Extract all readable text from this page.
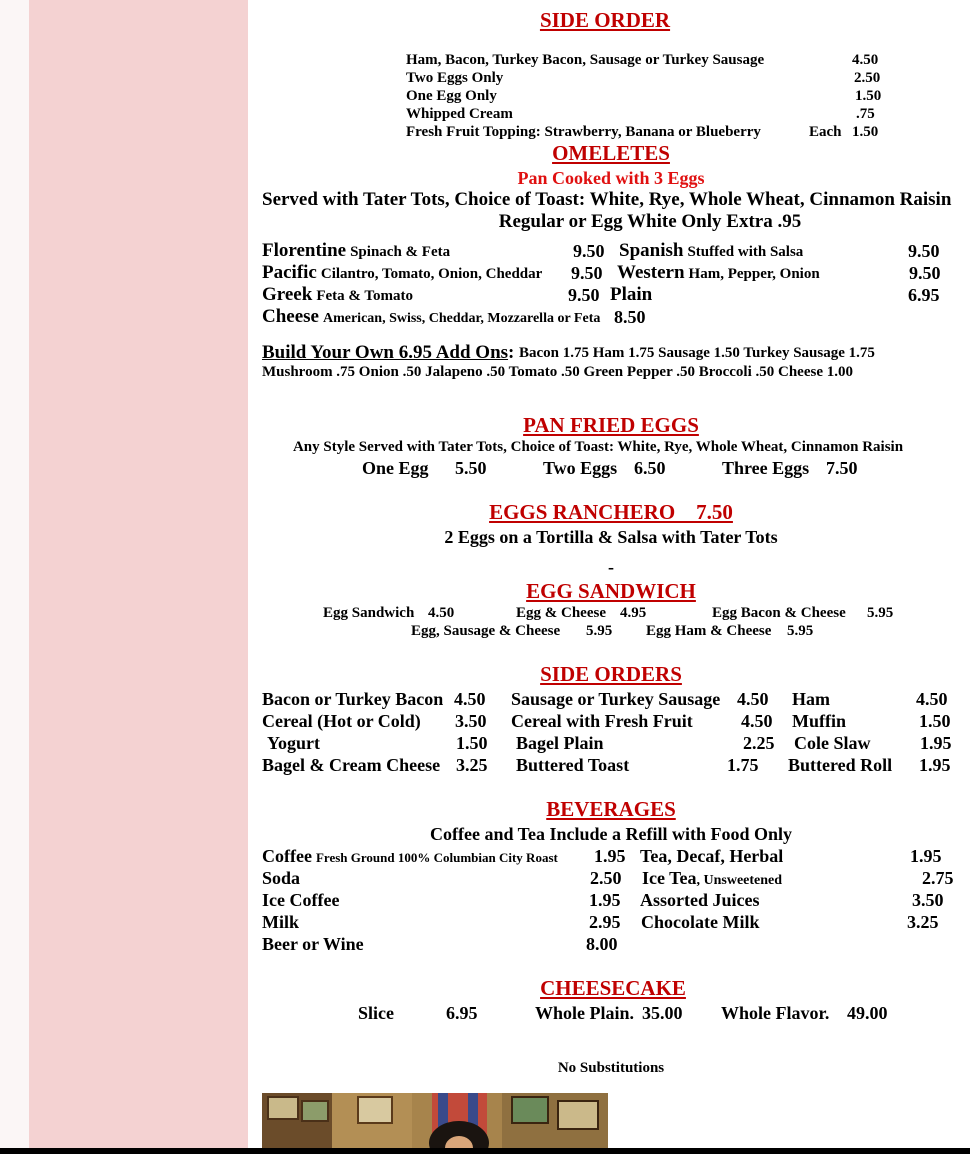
SIDE ORDER
Ham, Bacon, Turkey Bacon, Sausage or Turkey Sausage	4.50
Two Eggs Only	2.50
One Egg Only	1.50
Whipped Cream	.75
Fresh Fruit Topping: Strawberry, Banana or Blueberry	Each 1.50
OMELETES
Pan Cooked with 3 Eggs
Served with Tater Tots, Choice of Toast: White, Rye, Whole Wheat, Cinnamon Raisin
Regular or Egg White Only Extra .95
Florentine Spinach & Feta	9.50 Spanish Stuffed with Salsa	9.50
Pacific Cilantro, Tomato, Onion, Cheddar 9.50 Western Ham, Pepper, Onion	9.50
Greek Feta & Tomato	9.50 Plain	6.95
Cheese American, Swiss, Cheddar, Mozzarella or Feta 8.50
Build Your Own 6.95 Add Ons: Bacon 1.75 Ham 1.75 Sausage 1.50 Turkey Sausage 1.75
Mushroom .75 Onion .50 Jalapeno .50 Tomato .50 Green Pepper .50 Broccoli .50 Cheese 1.00
PAN FRIED EGGS
Any Style Served with Tater Tots, Choice of Toast: White, Rye, Whole Wheat, Cinnamon Raisin
One Egg 5.50	Two Eggs 6.50	Three Eggs 7.50
EGGS RANCHERO    7.50
2 Eggs on a Tortilla & Salsa with Tater Tots
-
EGG SANDWICH
Egg Sandwich 4.50	Egg & Cheese 4.95	Egg Bacon & Cheese 5.95
Egg, Sausage & Cheese 5.95 Egg Ham & Cheese 5.95
SIDE ORDERS
Bacon or Turkey Bacon 4.50 Sausage or Turkey Sausage 4.50 Ham	4.50
Cereal (Hot or Cold) 3.50 Cereal with Fresh Fruit	4.50 Muffin	1.50
Yogurt	1.50 Bagel Plain	2.25 Cole Slaw	1.95
Bagel & Cream Cheese 3.25 Buttered Toast	1.75 Buttered Roll 1.95
BEVERAGES
Coffee and Tea Include a Refill with Food Only
Coffee Fresh Ground 100% Columbian City Roast 1.95 Tea, Decaf, Herbal	1.95
Soda	2.50 Ice Tea, Unsweetened	2.75
Ice Coffee	1.95 Assorted Juices	3.50
Milk	2.95 Chocolate Milk	3.25
Beer or Wine	8.00
CHEESECAKE
Slice	6.95	Whole Plain. 35.00 Whole Flavor. 49.00
No Substitutions
